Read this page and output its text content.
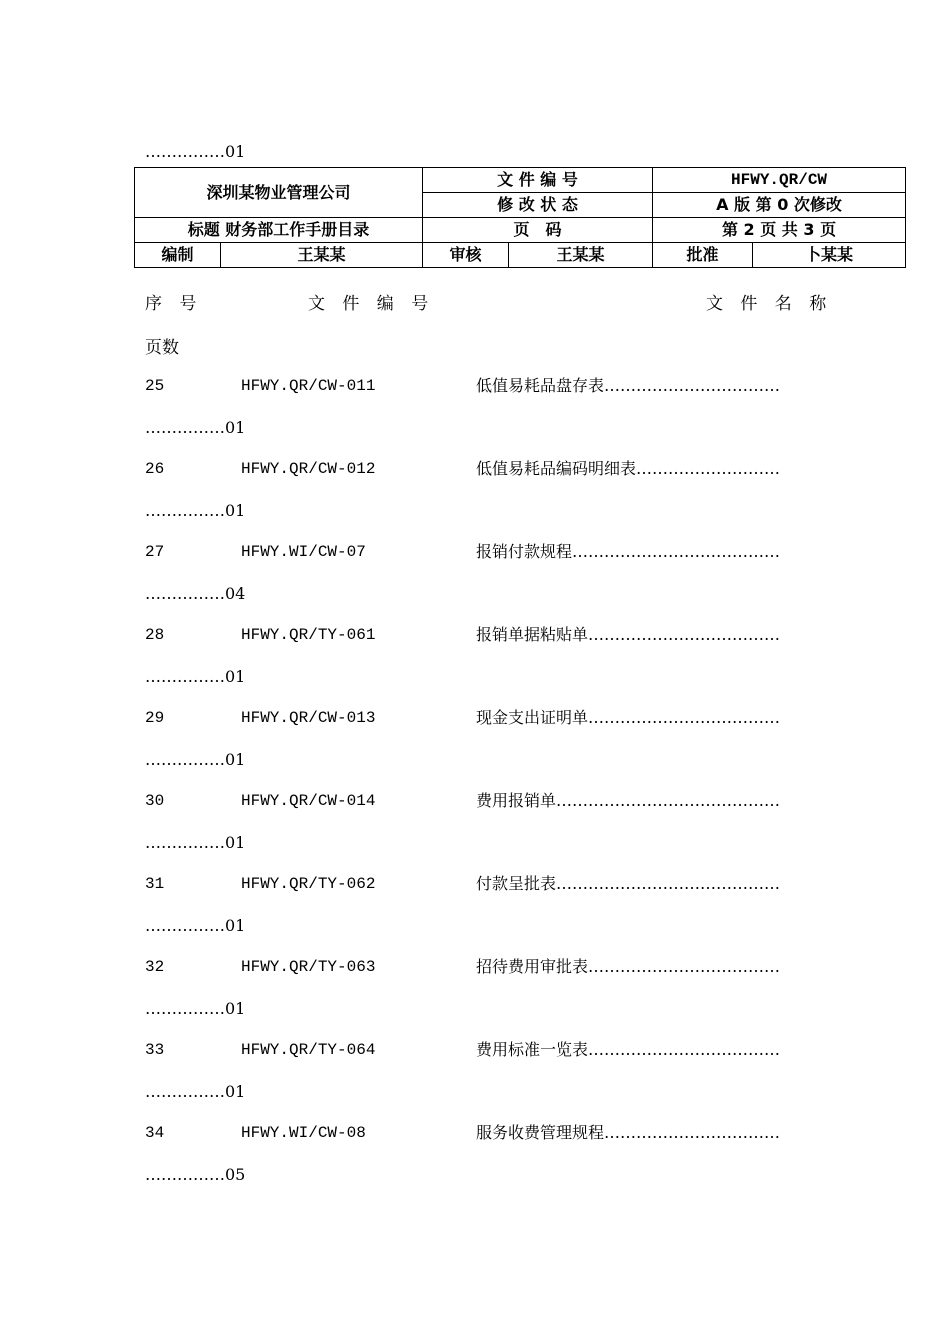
……………01
深圳某物业管理公司		文 件 编 号		HFWY.QR/CW	
		修 改 状 态		A 版 第 0 次修改	
标题 财务部工作手册目录		页　码		第 2 页 共 3 页	
编制	王某某	审核	王某某	批准	卜某某
序 号	文 件 编 号	文 件 名 称
页数
25	HFWY.QR/CW-011	低值易耗品盘存表……………………………
……………01
26	HFWY.QR/CW-012	低值易耗品编码明细表………………………
……………01
27	HFWY.WI/CW-07	报销付款规程…………………………………
……………04
28	HFWY.QR/TY-061	报销单据粘贴单………………………………
……………01
29	HFWY.QR/CW-013	现金支出证明单………………………………
……………01
30	HFWY.QR/CW-014	费用报销单……………………………………
……………01
31	HFWY.QR/TY-062	付款呈批表……………………………………
……………01
32	HFWY.QR/TY-063	招待费用审批表………………………………
……………01
33	HFWY.QR/TY-064	费用标准一览表………………………………
……………01
34	HFWY.WI/CW-08	服务收费管理规程……………………………
……………05
